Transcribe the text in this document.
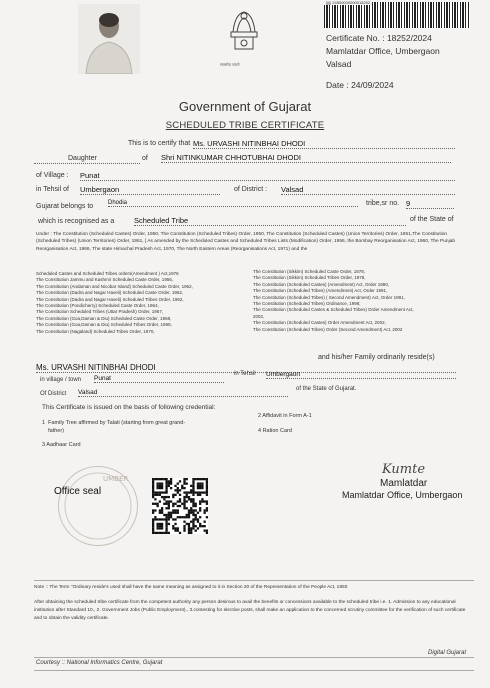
सत्यमेव जयते
||||| 24550000000018252
Certificate No. : 18252/2024
Mamlatdar Office, Umbergaon
Valsad
Date : 24/09/2024
Government of Gujarat
SCHEDULED TRIBE CERTIFICATE
This is to certify that Ms. URVASHI NITINBHAI DHODI
Daughter	of Shri NITINKUMAR CHHOTUBHAI DHODI
of Village : Punat
in Tehsil of Umbergaon	of District : Valsad
Gujarat belongs to Dhodia	tribe,sr no. 9
which is recognised as a	Scheduled Tribe	of the State of
Under : The Constitution (Scheduled Castes) Order, 1950, The Constitution (Scheduled Tribes) Order, 1950, The Constitution (Scheduled Castes) (Union Territories) Order, 1951,The Constitution (Scheduled Tribes) (Union Territories) Order, 1951, [ As amended by the Scheduled Castes and Scheduled Tribes Lists (Modification) Order, 1956, the Bombay Reorganisation Act, 1960, The Punjab Reorganisation Act, 1966, The state Himachal Pradesh Act, 1970, The North Eastern Areas (Reorganisations Act, 1971) and the
Scheduled Castes and Scheduled Tribes orders(Amendment ) Act,1976
The Constitution Jammu and Kashmir Scheduled Caste Order, 1956,
The Constitution (Andaman and Nicobar Island) Scheduled Caste Order, 1962,
The Constitution (Dadra and Nagar Haveli) Scheduled Caste Order, 1962,
The Constitution (Dadra and Nagar Haveli) Scheduled Tribes Order, 1962,
The Constitution (Pondicherry) Scheduled Caste Order, 1964,
The Constitution Scheduled Tribes (Uttar Pradesh) Order, 1967,
The Constitution (Goa,Daman & Diu) Scheduled Caste Order, 1968,
The Constitution (Goa,Daman & Diu) Scheduled Tribes Order, 1968,
The Constitution (Nagaland) Scheduled Tribes Order, 1970,
The Constitution (Sikkim) Scheduled Caste Order, 1978,
The Constitution (Sikkim) Scheduled Tribes Order, 1978,
The Constitution (Scheduled Castes) (Amendment) Act, Order 1990,
The Constitution (Scheduled Tribes) (Amendment) Act, Order 1991,
The Constitution (Scheduled Tribes) ( Second Amendment) Act, Order 1991,
The Constitution (Scheduled Tribes) Ordinance, 1996;
The Constitution (Scheduled Castes & Scheduled Tribes) Order Amendment Act,
2002,
The Constitution (Scheduled Castes) Order Amendment Act, 2002,
The Constitution (Scheduled Tribes) Order (Second Amendment) Act, 2002
and his/her Family ordinarily reside(s)
Ms. URVASHI NITINBHAI DHODI
in village / town Punat
in Tehsil Umbergaon
Of District Valsad	of the State of Gujarat.
This Certificate is issued on the basis of following credential:
1  Family Tree affirmed by Talati (starting from great grand-
father)
2 Affidavit in Form A-1
3 Aadhaar Card
4 Ration Card
UMBER
Office seal
Kumte
Mamlatdar
Mamlatdar Office, Umbergaon
Note :: The Term "Ordinary reside's used shall have the same meaning as assigned to it in Section 20 of the Representation of the People Act, 1950
After obtaining the scheduled tribe certificate from the competent authority any person desirous to avail the benefits or concessions available to the scheduled tribe i.e. 1. Admission to any educational institution after Standard 10., 2. Government Jobs (Public Employment)., 3.contesting for elective posts, shall make an application to the concerned scrutiny committee for the verification of such certificate and to obtain the validity certificate.
Courtesy :: National Informatics Centre, Gujarat
Digital Gujarat
